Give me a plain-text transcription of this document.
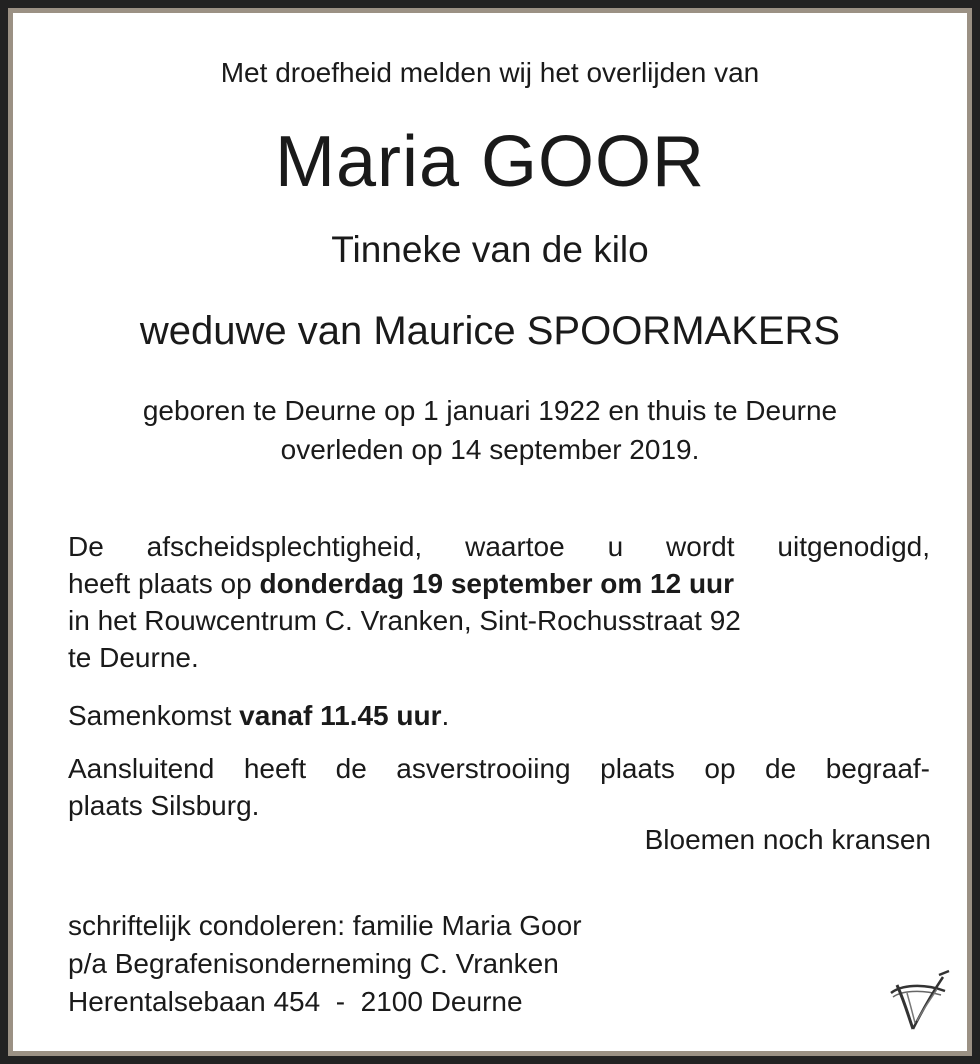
Met droefheid melden wij het overlijden van
Maria GOOR
Tinneke van de kilo
weduwe van Maurice SPOORMAKERS
geboren te Deurne op 1 januari 1922 en thuis te Deurne
overleden op 14 september 2019.
De afscheidsplechtigheid, waartoe u wordt uitgenodigd,
heeft plaats op donderdag 19 september om 12 uur
in het Rouwcentrum C. Vranken, Sint-Rochusstraat 92
te Deurne.
Samenkomst vanaf 11.45 uur.
Aansluitend heeft de asverstrooiing plaats op de begraaf-
plaats Silsburg.
Bloemen noch kransen
schriftelijk condoleren: familie Maria Goor
p/a Begrafenisonderneming C. Vranken
Herentalsebaan 454  -  2100 Deurne
